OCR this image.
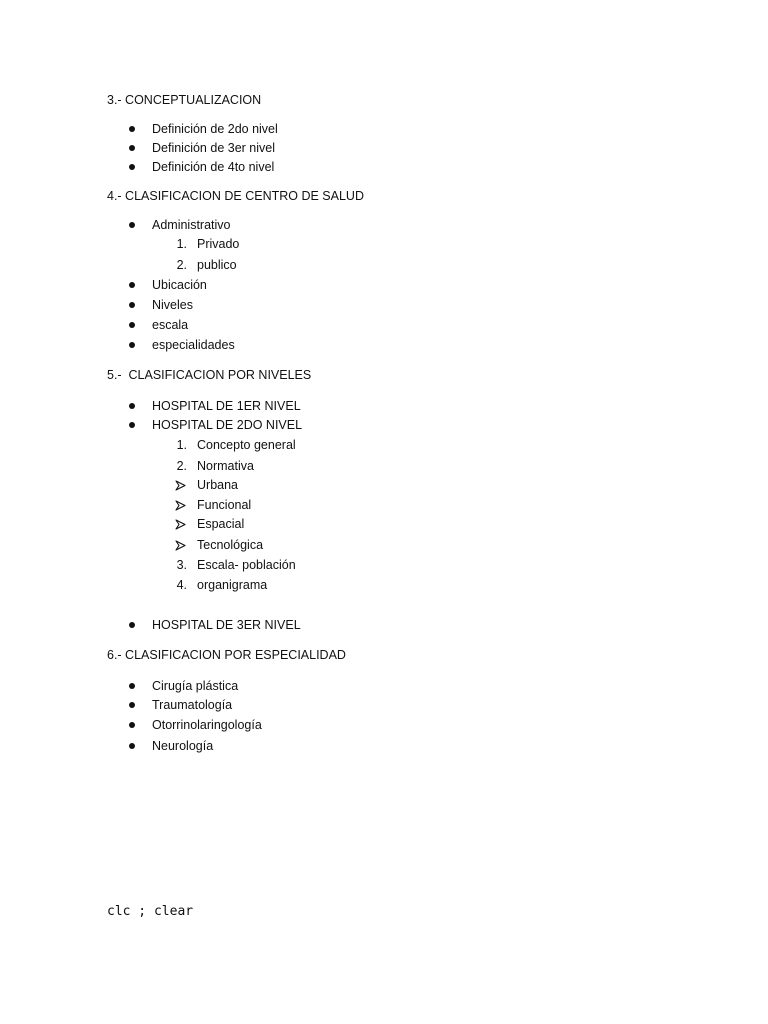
3.- CONCEPTUALIZACION
Definición de 2do nivel
Definición de 3er nivel
Definición de 4to nivel
4.- CLASIFICACION DE CENTRO DE SALUD
Administrativo
1. Privado
2. publico
Ubicación
Niveles
escala
especialidades
5.-  CLASIFICACION POR NIVELES
HOSPITAL DE 1ER NIVEL
HOSPITAL DE 2DO NIVEL
1. Concepto general
2. Normativa
Urbana
Funcional
Espacial
Tecnológica
3. Escala- población
4. organigrama
HOSPITAL DE 3ER NIVEL
6.- CLASIFICACION POR ESPECIALIDAD
Cirugía plástica
Traumatología
Otorrinolaringología
Neurología
clc ; clear
